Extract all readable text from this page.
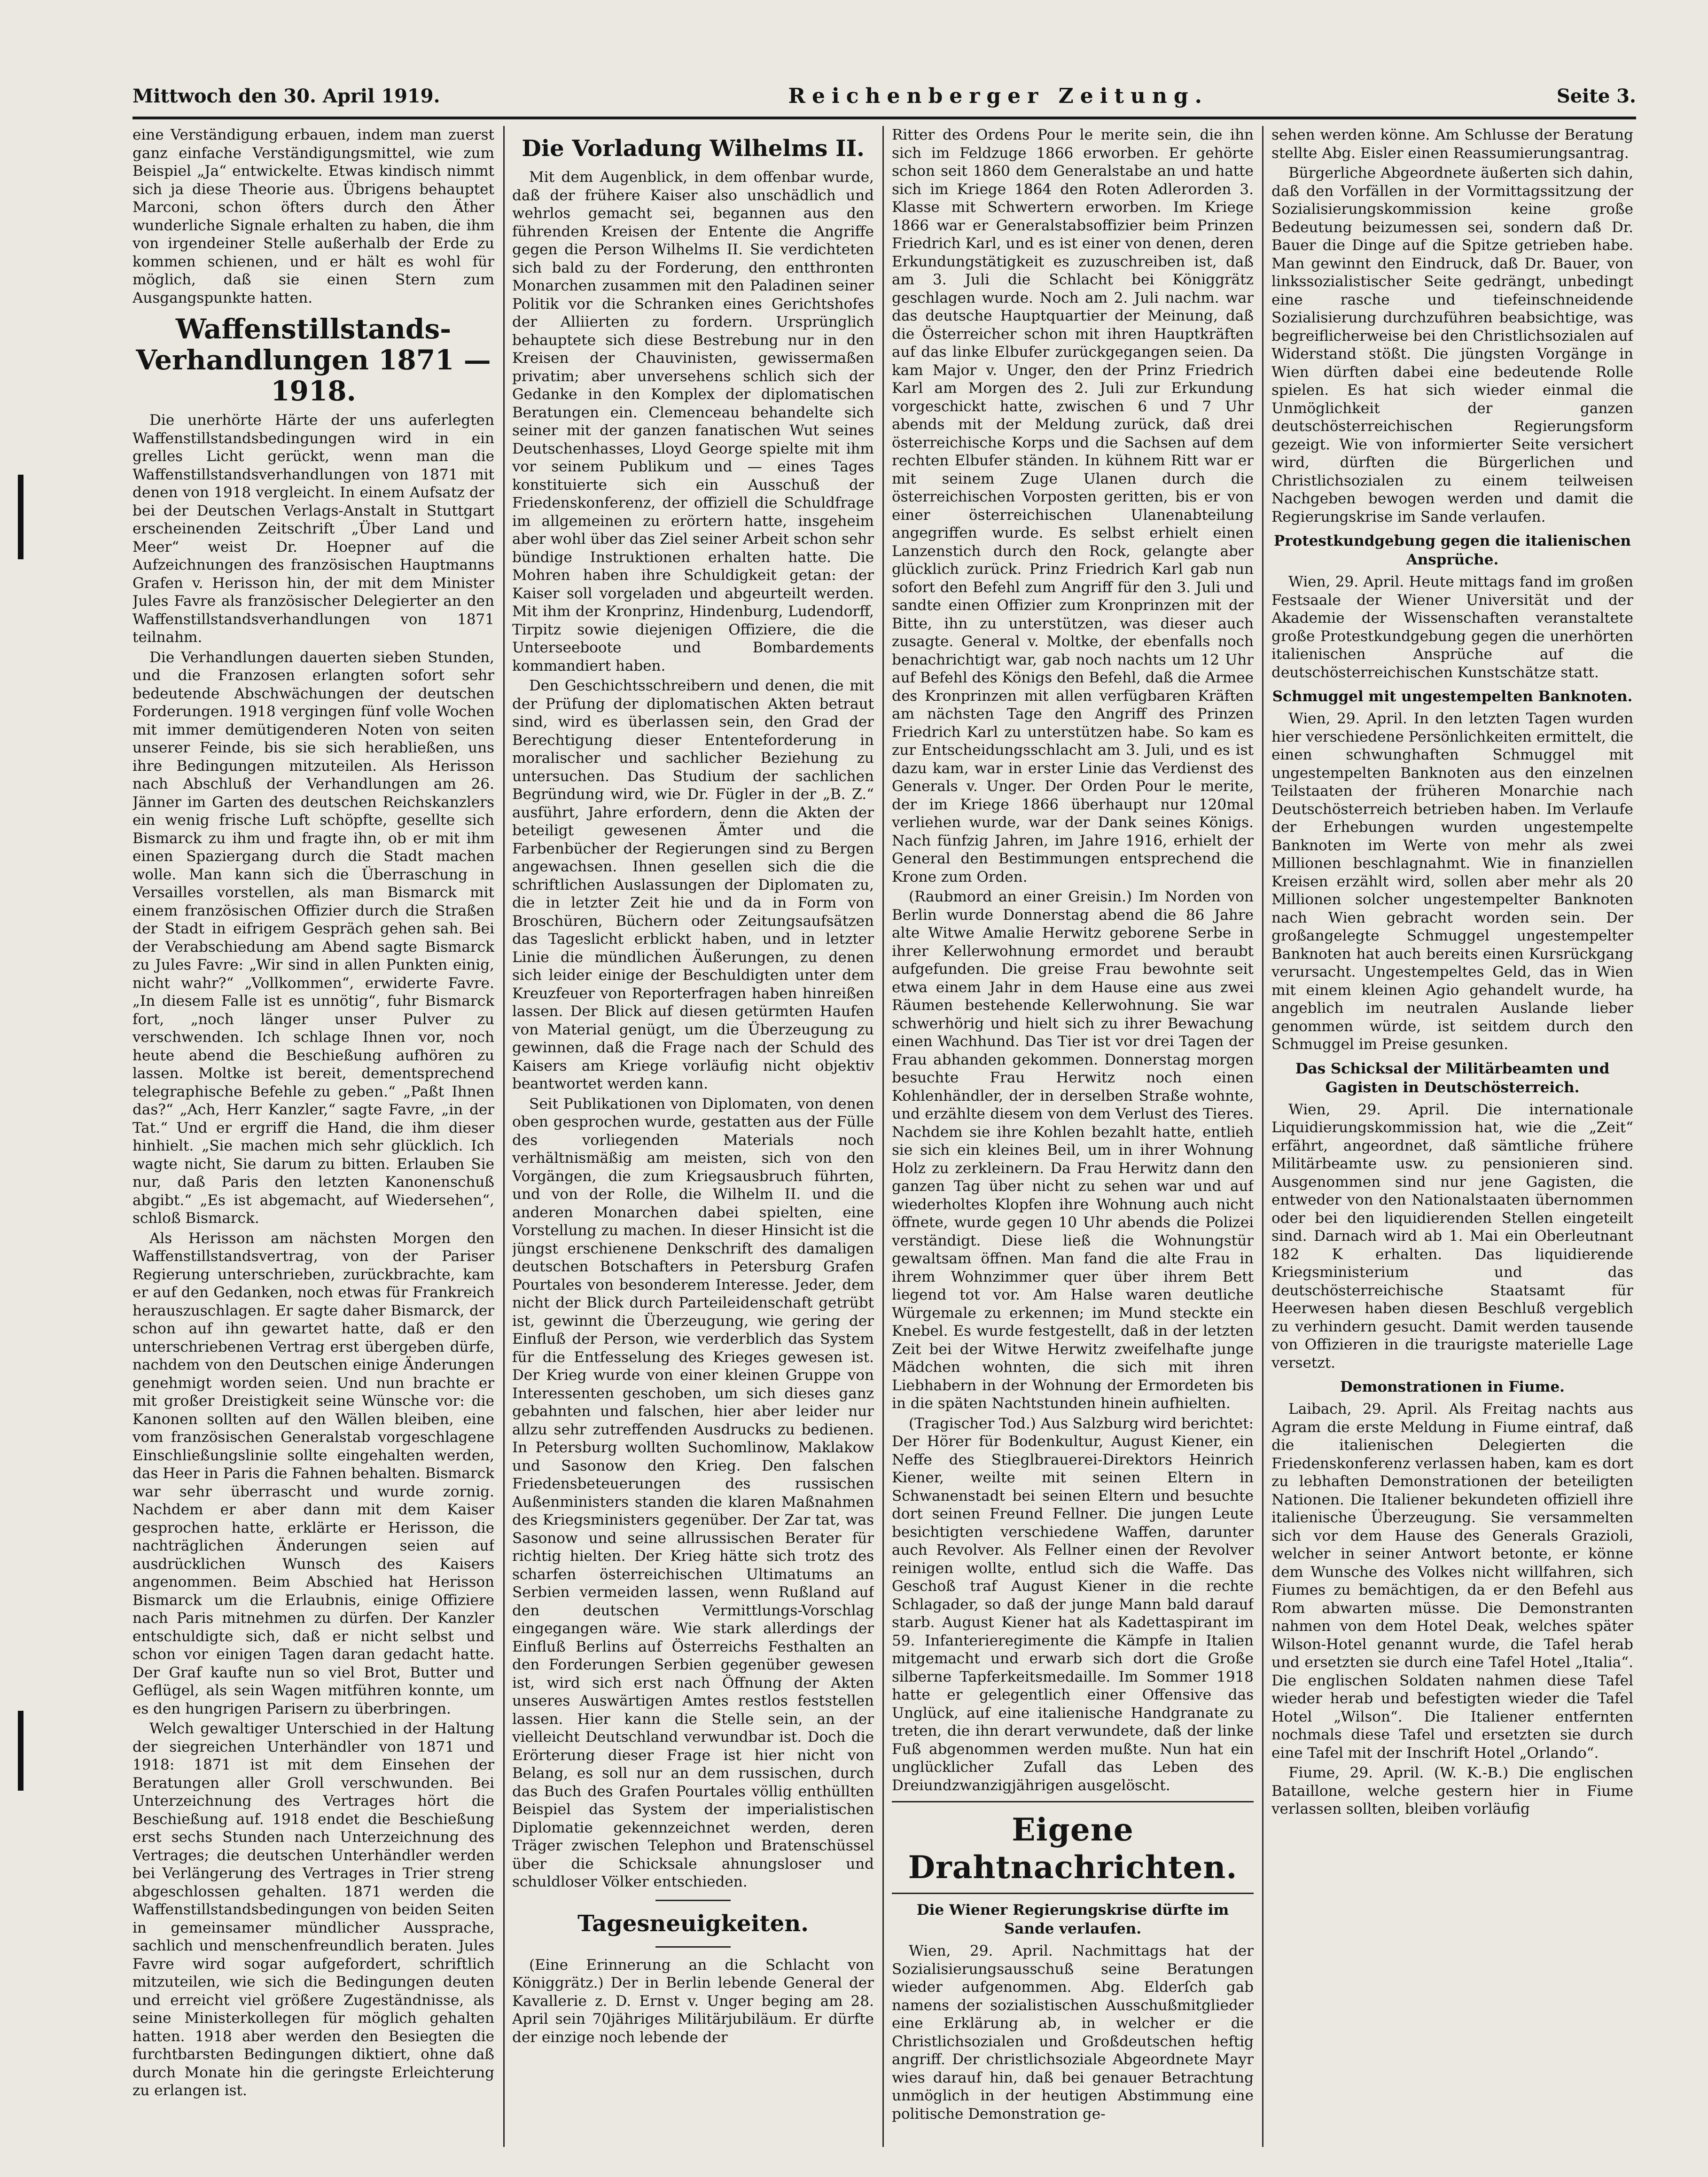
Mittwoch den 30. April 1919.	Reichenberger Zeitung.	Seite 3.

eine Verständigung erbauen, indem man zuerst ganz einfache Verständigungsmittel, wie zum Beispiel „Ja“ entwickelte. Etwas kindisch nimmt sich ja diese Theorie aus. Übrigens behauptet Marconi, schon öfters durch den Äther wunderliche Signale erhalten zu haben, die ihm von irgendeiner Stelle außerhalb der Erde zu kommen schienen, und er hält es wohl für möglich, daß sie einen Stern zum Ausgangspunkte hatten.

Waffenstillstands-Verhandlungen 1871 — 1918.

Die unerhörte Härte der uns auferlegten Waffenstillstandsbedingungen wird in ein grelles Licht gerückt, wenn man die Waffenstillstandsverhandlungen von 1871 mit denen von 1918 vergleicht. In einem Aufsatz der bei der Deutschen Verlags-Anstalt in Stuttgart erscheinenden Zeitschrift „Über Land und Meer“ weist Dr. Hoepner auf die Aufzeichnungen des französischen Hauptmanns Grafen v. Herisson hin, der mit dem Minister Jules Favre als französischer Delegierter an den Waffenstillstandsverhandlungen von 1871 teilnahm.

Die Verhandlungen dauerten sieben Stunden, und die Franzosen erlangten sofort sehr bedeutende Abschwächungen der deutschen Forderungen. 1918 vergingen fünf volle Wochen mit immer demütigenderen Noten von seiten unserer Feinde, bis sie sich herabließen, uns ihre Bedingungen mitzuteilen. Als Herisson nach Abschluß der Verhandlungen am 26. Jänner im Garten des deutschen Reichskanzlers ein wenig frische Luft schöpfte, gesellte sich Bismarck zu ihm und fragte ihn, ob er mit ihm einen Spaziergang durch die Stadt machen wolle. Man kann sich die Überraschung in Versailles vorstellen, als man Bismarck mit einem französischen Offizier durch die Straßen der Stadt in eifrigem Gespräch gehen sah. Bei der Verabschiedung am Abend sagte Bismarck zu Jules Favre: „Wir sind in allen Punkten einig, nicht wahr?“ „Vollkommen“, erwiderte Favre. „In diesem Falle ist es unnötig“, fuhr Bismarck fort, „noch länger unser Pulver zu verschwenden. Ich schlage Ihnen vor, noch heute abend die Beschießung aufhören zu lassen. Moltke ist bereit, dementsprechend telegraphische Befehle zu geben.“ „Paßt Ihnen das?“ „Ach, Herr Kanzler,“ sagte Favre, „in der Tat.“ Und er ergriff die Hand, die ihm dieser hinhielt. „Sie machen mich sehr glücklich. Ich wagte nicht, Sie darum zu bitten. Erlauben Sie nur, daß Paris den letzten Kanonenschuß abgibt.“ „Es ist abgemacht, auf Wiedersehen“, schloß Bismarck.

Als Herisson am nächsten Morgen den Waffenstillstandsvertrag, von der Pariser Regierung unterschrieben, zurückbrachte, kam er auf den Gedanken, noch etwas für Frankreich herauszuschlagen. Er sagte daher Bismarck, der schon auf ihn gewartet hatte, daß er den unterschriebenen Vertrag erst übergeben dürfe, nachdem von den Deutschen einige Änderungen genehmigt worden seien. Und nun brachte er mit großer Dreistigkeit seine Wünsche vor: die Kanonen sollten auf den Wällen bleiben, eine vom französischen Generalstab vorgeschlagene Einschließungslinie sollte eingehalten werden, das Heer in Paris die Fahnen behalten. Bismarck war sehr überrascht und wurde zornig. Nachdem er aber dann mit dem Kaiser gesprochen hatte, erklärte er Herisson, die nachträglichen Änderungen seien auf ausdrücklichen Wunsch des Kaisers angenommen. Beim Abschied hat Herisson Bismarck um die Erlaubnis, einige Offiziere nach Paris mitnehmen zu dürfen. Der Kanzler entschuldigte sich, daß er nicht selbst und schon vor einigen Tagen daran gedacht hatte. Der Graf kaufte nun so viel Brot, Butter und Geflügel, als sein Wagen mitführen konnte, um es den hungrigen Parisern zu überbringen.

Welch gewaltiger Unterschied in der Haltung der siegreichen Unterhändler von 1871 und 1918: 1871 ist mit dem Einsehen der Beratungen aller Groll verschwunden. Bei Unterzeichnung des Vertrages hört die Beschießung auf. 1918 endet die Beschießung erst sechs Stunden nach Unterzeichnung des Vertrages; die deutschen Unterhändler werden bei Verlängerung des Vertrages in Trier streng abgeschlossen gehalten. 1871 werden die Waffenstillstandsbedingungen von beiden Seiten in gemeinsamer mündlicher Aussprache, sachlich und menschenfreundlich beraten. Jules Favre wird sogar aufgefordert, schriftlich mitzuteilen, wie sich die Bedingungen deuten und erreicht viel größere Zugeständnisse, als seine Ministerkollegen für möglich gehalten hatten. 1918 aber werden den Besiegten die furchtbarsten Bedingungen diktiert, ohne daß durch Monate hin die geringste Erleichterung zu erlangen ist.

Die Vorladung Wilhelms II.

Mit dem Augenblick, in dem offenbar wurde, daß der frühere Kaiser also unschädlich und wehrlos gemacht sei, begannen aus den führenden Kreisen der Entente die Angriffe gegen die Person Wilhelms II. Sie verdichteten sich bald zu der Forderung, den entthronten Monarchen zusammen mit den Paladinen seiner Politik vor die Schranken eines Gerichtshofes der Alliierten zu fordern. Ursprünglich behauptete sich diese Bestrebung nur in den Kreisen der Chauvinisten, gewissermaßen privatim; aber unversehens schlich sich der Gedanke in den Komplex der diplomatischen Beratungen ein. Clemenceau behandelte sich seiner mit der ganzen fanatischen Wut seines Deutschenhasses, Lloyd George spielte mit ihm vor seinem Publikum und — eines Tages konstituierte sich ein Ausschuß der Friedenskonferenz, der offiziell die Schuldfrage im allgemeinen zu erörtern hatte, insgeheim aber wohl über das Ziel seiner Arbeit schon sehr bündige Instruktionen erhalten hatte. Die Mohren haben ihre Schuldigkeit getan: der Kaiser soll vorgeladen und abgeurteilt werden. Mit ihm der Kronprinz, Hindenburg, Ludendorff, Tirpitz sowie diejenigen Offiziere, die die Unterseeboote und Bombardements kommandiert haben.

Den Geschichtsschreibern und denen, die mit der Prüfung der diplomatischen Akten betraut sind, wird es überlassen sein, den Grad der Berechtigung dieser Ententeforderung in moralischer und sachlicher Beziehung zu untersuchen. Das Studium der sachlichen Begründung wird, wie Dr. Fügler in der „B. Z.“ ausführt, Jahre erfordern, denn die Akten der beteiligt gewesenen Ämter und die Farbenbücher der Regierungen sind zu Bergen angewachsen. Ihnen gesellen sich die die schriftlichen Auslassungen der Diplomaten zu, die in letzter Zeit hie und da in Form von Broschüren, Büchern oder Zeitungsaufsätzen das Tageslicht erblickt haben, und in letzter Linie die mündlichen Äußerungen, zu denen sich leider einige der Beschuldigten unter dem Kreuzfeuer von Reporterfragen haben hinreißen lassen. Der Blick auf diesen getürmten Haufen von Material genügt, um die Überzeugung zu gewinnen, daß die Frage nach der Schuld des Kaisers am Kriege vorläufig nicht objektiv beantwortet werden kann.

Seit Publikationen von Diplomaten, von denen oben gesprochen wurde, gestatten aus der Fülle des vorliegenden Materials noch verhältnismäßig am meisten, sich von den Vorgängen, die zum Kriegsausbruch führten, und von der Rolle, die Wilhelm II. und die anderen Monarchen dabei spielten, eine Vorstellung zu machen. In dieser Hinsicht ist die jüngst erschienene Denkschrift des damaligen deutschen Botschafters in Petersburg Grafen Pourtales von besonderem Interesse. Jeder, dem nicht der Blick durch Parteileidenschaft getrübt ist, gewinnt die Überzeugung, wie gering der Einfluß der Person, wie verderblich das System für die Entfesselung des Krieges gewesen ist. Der Krieg wurde von einer kleinen Gruppe von Interessenten geschoben, um sich dieses ganz gebahnten und falschen, hier aber leider nur allzu sehr zutreffenden Ausdrucks zu bedienen. In Petersburg wollten Suchomlinow, Maklakow und Sasonow den Krieg. Den falschen Friedensbeteuerungen des russischen Außenministers standen die klaren Maßnahmen des Kriegsministers gegenüber. Der Zar tat, was Sasonow und seine allrussischen Berater für richtig hielten. Der Krieg hätte sich trotz des scharfen österreichischen Ultimatums an Serbien vermeiden lassen, wenn Rußland auf den deutschen Vermittlungs-Vorschlag eingegangen wäre. Wie stark allerdings der Einfluß Berlins auf Österreichs Festhalten an den Forderungen Serbien gegenüber gewesen ist, wird sich erst nach Öffnung der Akten unseres Auswärtigen Amtes restlos feststellen lassen. Hier kann die Stelle sein, an der vielleicht Deutschland verwundbar ist. Doch die Erörterung dieser Frage ist hier nicht von Belang, es soll nur an dem russischen, durch das Buch des Grafen Pourtales völlig enthüllten Beispiel das System der imperialistischen Diplomatie gekennzeichnet werden, deren Träger zwischen Telephon und Bratenschüssel über die Schicksale ahnungsloser und schuldloser Völker entschieden.

Tagesneuigkeiten.

(Eine Erinnerung an die Schlacht von Königgrätz.) Der in Berlin lebende General der Kavallerie z. D. Ernst v. Unger beging am 28. April sein 70jähriges Militärjubiläum. Er dürfte der einzige noch lebende der

Ritter des Ordens Pour le merite sein, die ihn sich im Feldzuge 1866 erworben. Er gehörte schon seit 1860 dem Generalstabe an und hatte sich im Kriege 1864 den Roten Adlerorden 3. Klasse mit Schwertern erworben. Im Kriege 1866 war er Generalstabsoffizier beim Prinzen Friedrich Karl, und es ist einer von denen, deren Erkundungstätigkeit es zuzuschreiben ist, daß am 3. Juli die Schlacht bei Königgrätz geschlagen wurde. Noch am 2. Juli nachm. war das deutsche Hauptquartier der Meinung, daß die Österreicher schon mit ihren Hauptkräften auf das linke Elbufer zurückgegangen seien. Da kam Major v. Unger, den der Prinz Friedrich Karl am Morgen des 2. Juli zur Erkundung vorgeschickt hatte, zwischen 6 und 7 Uhr abends mit der Meldung zurück, daß drei österreichische Korps und die Sachsen auf dem rechten Elbufer ständen. In kühnem Ritt war er mit seinem Zuge Ulanen durch die österreichischen Vorposten geritten, bis er von einer österreichischen Ulanenabteilung angegriffen wurde. Es selbst erhielt einen Lanzenstich durch den Rock, gelangte aber glücklich zurück. Prinz Friedrich Karl gab nun sofort den Befehl zum Angriff für den 3. Juli und sandte einen Offizier zum Kronprinzen mit der Bitte, ihn zu unterstützen, was dieser auch zusagte. General v. Moltke, der ebenfalls noch benachrichtigt war, gab noch nachts um 12 Uhr auf Befehl des Königs den Befehl, daß die Armee des Kronprinzen mit allen verfügbaren Kräften am nächsten Tage den Angriff des Prinzen Friedrich Karl zu unterstützen habe. So kam es zur Entscheidungsschlacht am 3. Juli, und es ist dazu kam, war in erster Linie das Verdienst des Generals v. Unger. Der Orden Pour le merite, der im Kriege 1866 überhaupt nur 120mal verliehen wurde, war der Dank seines Königs. Nach fünfzig Jahren, im Jahre 1916, erhielt der General den Bestimmungen entsprechend die Krone zum Orden.

(Raubmord an einer Greisin.) Im Norden von Berlin wurde Donnerstag abend die 86 Jahre alte Witwe Amalie Herwitz geborene Serbe in ihrer Kellerwohnung ermordet und beraubt aufgefunden. Die greise Frau bewohnte seit etwa einem Jahr in dem Hause eine aus zwei Räumen bestehende Kellerwohnung. Sie war schwerhörig und hielt sich zu ihrer Bewachung einen Wachhund. Das Tier ist vor drei Tagen der Frau abhanden gekommen. Donnerstag morgen besuchte Frau Herwitz noch einen Kohlenhändler, der in derselben Straße wohnte, und erzählte diesem von dem Verlust des Tieres. Nachdem sie ihre Kohlen bezahlt hatte, entlieh sie sich ein kleines Beil, um in ihrer Wohnung Holz zu zerkleinern. Da Frau Herwitz dann den ganzen Tag über nicht zu sehen war und auf wiederholtes Klopfen ihre Wohnung auch nicht öffnete, wurde gegen 10 Uhr abends die Polizei verständigt. Diese ließ die Wohnungstür gewaltsam öffnen. Man fand die alte Frau in ihrem Wohnzimmer quer über ihrem Bett liegend tot vor. Am Halse waren deutliche Würgemale zu erkennen; im Mund steckte ein Knebel. Es wurde festgestellt, daß in der letzten Zeit bei der Witwe Herwitz zweifelhafte junge Mädchen wohnten, die sich mit ihren Liebhabern in der Wohnung der Ermordeten bis in die späten Nachtstunden hinein aufhielten.

(Tragischer Tod.) Aus Salzburg wird berichtet: Der Hörer für Bodenkultur, August Kiener, ein Neffe des Stieglbrauerei-Direktors Heinrich Kiener, weilte mit seinen Eltern in Schwanenstadt bei seinen Eltern und besuchte dort seinen Freund Fellner. Die jungen Leute besichtigten verschiedene Waffen, darunter auch Revolver. Als Fellner einen der Revolver reinigen wollte, entlud sich die Waffe. Das Geschoß traf August Kiener in die rechte Schlagader, so daß der junge Mann bald darauf starb. August Kiener hat als Kadettaspirant im 59. Infanterieregimente die Kämpfe in Italien mitgemacht und erwarb sich dort die Große silberne Tapferkeitsmedaille. Im Sommer 1918 hatte er gelegentlich einer Offensive das Unglück, auf eine italienische Handgranate zu treten, die ihn derart verwundete, daß der linke Fuß abgenommen werden mußte. Nun hat ein unglücklicher Zufall das Leben des Dreiundzwanzigjährigen ausgelöscht.

Eigene Drahtnachrichten.
Die Wiener Regierungskrise dürfte im Sande verlaufen.

Wien, 29. April. Nachmittags hat der Sozialisierungsausschuß seine Beratungen wieder aufgenommen. Abg. Elderſch gab namens der sozialistischen Ausschußmitglieder eine Erklärung ab, in welcher er die Christlichsozialen und Großdeutschen heftig angriff. Der christlichsoziale Abgeordnete Mayr wies darauf hin, daß bei genauer Betrachtung unmöglich in der heutigen Abstimmung eine politische Demonstration ge-

sehen werden könne. Am Schlusse der Beratung stellte Abg. Eisler einen Reassumierungsantrag.

Bürgerliche Abgeordnete äußerten sich dahin, daß den Vorfällen in der Vormittagssitzung der Sozialisierungskommission keine große Bedeutung beizumessen sei, sondern daß Dr. Bauer die Dinge auf die Spitze getrieben habe. Man gewinnt den Eindruck, daß Dr. Bauer, von linkssozialistischer Seite gedrängt, unbedingt eine rasche und tiefeinschneidende Sozialisierung durchzuführen beabsichtige, was begreiflicherweise bei den Christlichsozialen auf Widerstand stößt. Die jüngsten Vorgänge in Wien dürften dabei eine bedeutende Rolle spielen. Es hat sich wieder einmal die Unmöglichkeit der ganzen deutschösterreichischen Regierungsform gezeigt. Wie von informierter Seite versichert wird, dürften die Bürgerlichen und Christlichsozialen zu einem teilweisen Nachgeben bewogen werden und damit die Regierungskrise im Sande verlaufen.

Protestkundgebung gegen die italienischen Ansprüche.

Wien, 29. April. Heute mittags fand im großen Festsaale der Wiener Universität und der Akademie der Wissenschaften veranstaltete große Protestkundgebung gegen die unerhörten italienischen Ansprüche auf die deutschösterreichischen Kunstschätze statt.

Schmuggel mit ungestempelten Banknoten.

Wien, 29. April. In den letzten Tagen wurden hier verschiedene Persönlichkeiten ermittelt, die einen schwunghaften Schmuggel mit ungestempelten Banknoten aus den einzelnen Teilstaaten der früheren Monarchie nach Deutschösterreich betrieben haben. Im Verlaufe der Erhebungen wurden ungestempelte Banknoten im Werte von mehr als zwei Millionen beschlagnahmt. Wie in finanziellen Kreisen erzählt wird, sollen aber mehr als 20 Millionen solcher ungestempelter Banknoten nach Wien gebracht worden sein. Der großangelegte Schmuggel ungestempelter Banknoten hat auch bereits einen Kursrückgang verursacht. Ungestempeltes Geld, das in Wien mit einem kleinen Agio gehandelt wurde, ha angeblich im neutralen Auslande lieber genommen würde, ist seitdem durch den Schmuggel im Preise gesunken.

Das Schicksal der Militärbeamten und Gagisten in Deutschösterreich.

Wien, 29. April. Die internationale Liquidierungskommission hat, wie die „Zeit“ erfährt, angeordnet, daß sämtliche frühere Militärbeamte usw. zu pensionieren sind. Ausgenommen sind nur jene Gagisten, die entweder von den Nationalstaaten übernommen oder bei den liquidierenden Stellen eingeteilt sind. Darnach wird ab 1. Mai ein Oberleutnant 182 K erhalten. Das liquidierende Kriegsministerium und das deutschösterreichische Staatsamt für Heerwesen haben diesen Beschluß vergeblich zu verhindern gesucht. Damit werden tausende von Offizieren in die traurigste materielle Lage versetzt.

Demonstrationen in Fiume.

Laibach, 29. April. Als Freitag nachts aus Agram die erste Meldung in Fiume eintraf, daß die italienischen Delegierten die Friedenskonferenz verlassen haben, kam es dort zu lebhaften Demonstrationen der beteiligten Nationen. Die Italiener bekundeten offiziell ihre italienische Überzeugung. Sie versammelten sich vor dem Hause des Generals Grazioli, welcher in seiner Antwort betonte, er könne dem Wunsche des Volkes nicht willfahren, sich Fiumes zu bemächtigen, da er den Befehl aus Rom abwarten müsse. Die Demonstranten nahmen von dem Hotel Deak, welches später Wilson-Hotel genannt wurde, die Tafel herab und ersetzten sie durch eine Tafel Hotel „Italia“. Die englischen Soldaten nahmen diese Tafel wieder herab und befestigten wieder die Tafel Hotel „Wilson“. Die Italiener entfernten nochmals diese Tafel und ersetzten sie durch eine Tafel mit der Inschrift Hotel „Orlando“.

Fiume, 29. April. (W. K.-B.) Die englischen Bataillone, welche gestern hier in Fiume verlassen sollten, bleiben vorläufig
